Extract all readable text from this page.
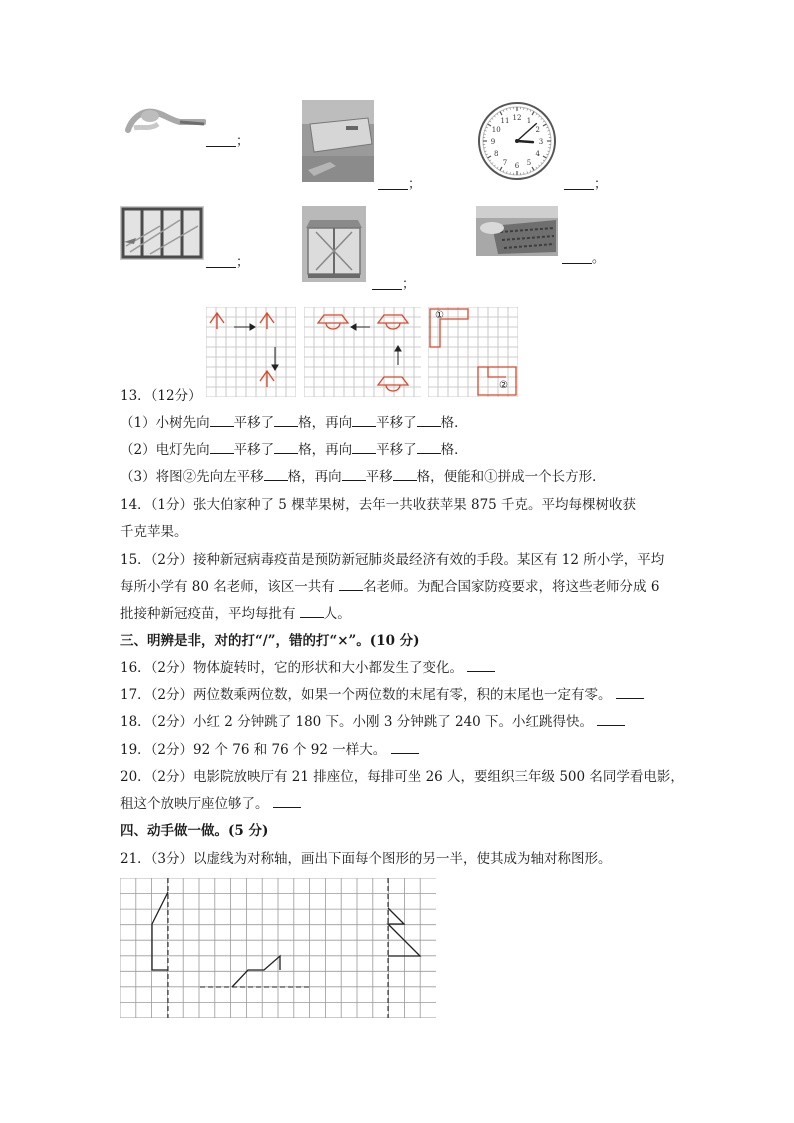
；
；
12 1
2
3
4
5
6
7
8
9
10
11
；
；
；
。
①
②
13．（12分）
（1）小树先向 平移了 格，再向 平移了 格．
（2）电灯先向 平移了 格，再向 平移了 格．
（3）将图②先向左平移 格，再向 平移 格，便能和①拼成一个长方形．
14．（1分）张大伯家种了 5 棵苹果树，去年一共收获苹果 875 千克。平均每棵树收获
千克苹果。
15．（2分）接种新冠病毒疫苗是预防新冠肺炎最经济有效的手段。某区有 12 所小学，平均
每所小学有 80 名老师，该区一共有 名老师。为配合国家防疫要求，将这些老师分成 6
批接种新冠疫苗，平均每批有 人。
三、明辨是非，对的打“/”，错的打“×”。(10 分)
16．（2分）物体旋转时，它的形状和大小都发生了变化。
17．（2分）两位数乘两位数，如果一个两位数的末尾有零，积的末尾也一定有零。
18．（2分）小红 2 分钟跳了 180 下。小刚 3 分钟跳了 240 下。小红跳得快。
19．（2分）92 个 76 和 76 个 92 一样大。
20．（2分）电影院放映厅有 21 排座位，每排可坐 26 人，要组织三年级 500 名同学看电影，
租这个放映厅座位够了。
四、动手做一做。(5 分)
21．（3分）以虚线为对称轴，画出下面每个图形的另一半，使其成为轴对称图形。
